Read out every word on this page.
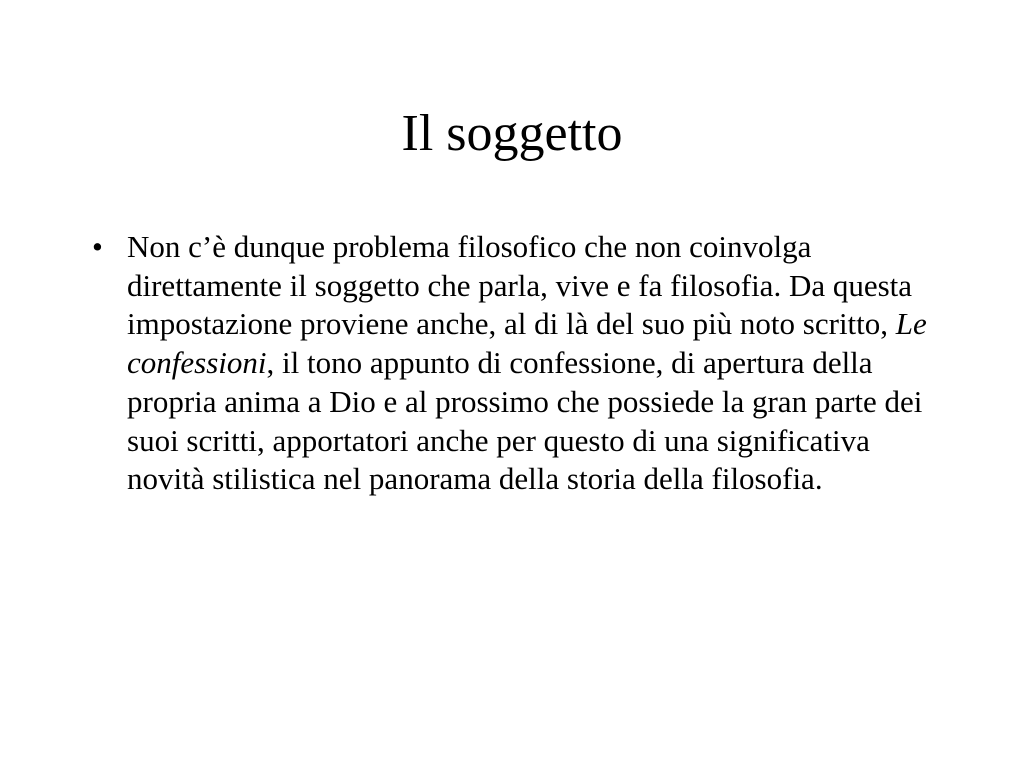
Il soggetto
• Non c’è dunque problema filosofico che non coinvolga direttamente il soggetto che parla, vive e fa filosofia. Da questa impostazione proviene anche, al di là del suo più noto scritto, Le confessioni, il tono appunto di confessione, di apertura della propria anima a Dio e al prossimo che possiede la gran parte dei suoi scritti, apportatori anche per questo di una significativa novità stilistica nel panorama della storia della filosofia.
